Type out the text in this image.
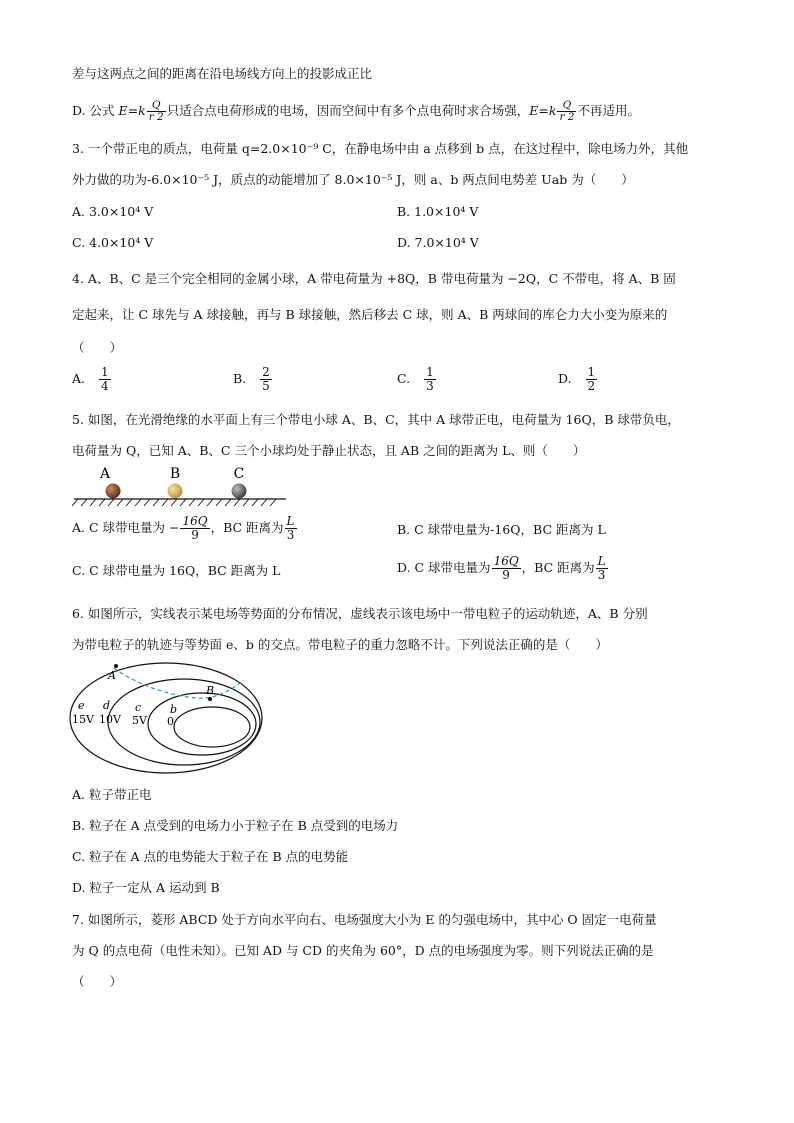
差与这两点之间的距离在沿电场线方向上的投影成正比
D. 公式 $E=k \frac{Q}{r 2}$ 只适合点电荷形成的电场，因而空间中有多个点电荷时求合场强，$E=k \frac{Q}{r 2}$ 不再适用。
3. 一个带正电的质点，电荷量 q=2.0×10⁻⁹ C，在静电场中由 a 点移到 b 点，在这过程中，除电场力外，其他
外力做的功为-6.0×10⁻⁵ J，质点的动能增加了 8.0×10⁻⁵ J，则 a、b 两点间电势差 Uab 为（　　）
A. 3.0×10⁴ V	B. 1.0×10⁴ V
C. 4.0×10⁴ V	D. 7.0×10⁴ V
4. A、B、C 是三个完全相同的金属小球，A 带电荷量为 +8Q，B 带电荷量为 −2Q，C 不带电，将 A、B 固
定起来，让 C 球先与 A 球接触，再与 B 球接触，然后移去 C 球，则 A、B 两球间的库仑力大小变为原来的
（　　）
A. $\frac{1}{4}$	B. $\frac{2}{5}$	C. $\frac{1}{3}$	D. $\frac{1}{2}$
5. 如图，在光滑绝缘的水平面上有三个带电小球 A、B、C，其中 A 球带正电，电荷量为 16Q，B 球带负电，
电荷量为 Q，已知 A、B、C 三个小球均处于静止状态，且 AB 之间的距离为 L、则（　　）
A	B	C
A. C 球带电量为 − $\frac{16Q}{9}$ ，BC 距离为 $\frac{L}{3}$	B. C 球带电量为-16Q，BC 距离为 L
C. C 球带电量为 16Q，BC 距离为 L	D. C 球带电量为 $\frac{16Q}{9}$ ，BC 距离为 $\frac{L}{3}$
6. 如图所示，实线表示某电场等势面的分布情况，虚线表示该电场中一带电粒子的运动轨迹，A、B 分别
为带电粒子的轨迹与等势面 e、b 的交点。带电粒子的重力忽略不计。下列说法正确的是（　　）
A
B
e d c	b
15V 10V 5V 0
A. 粒子带正电
B. 粒子在 A 点受到的电场力小于粒子在 B 点受到的电场力
C. 粒子在 A 点的电势能大于粒子在 B 点的电势能
D. 粒子一定从 A 运动到 B
7. 如图所示，菱形 ABCD 处于方向水平向右、电场强度大小为 E 的匀强电场中，其中心 O 固定一电荷量
为 Q 的点电荷（电性未知）。已知 AD 与 CD 的夹角为 60°，D 点的电场强度为零。则下列说法正确的是
（　　）
